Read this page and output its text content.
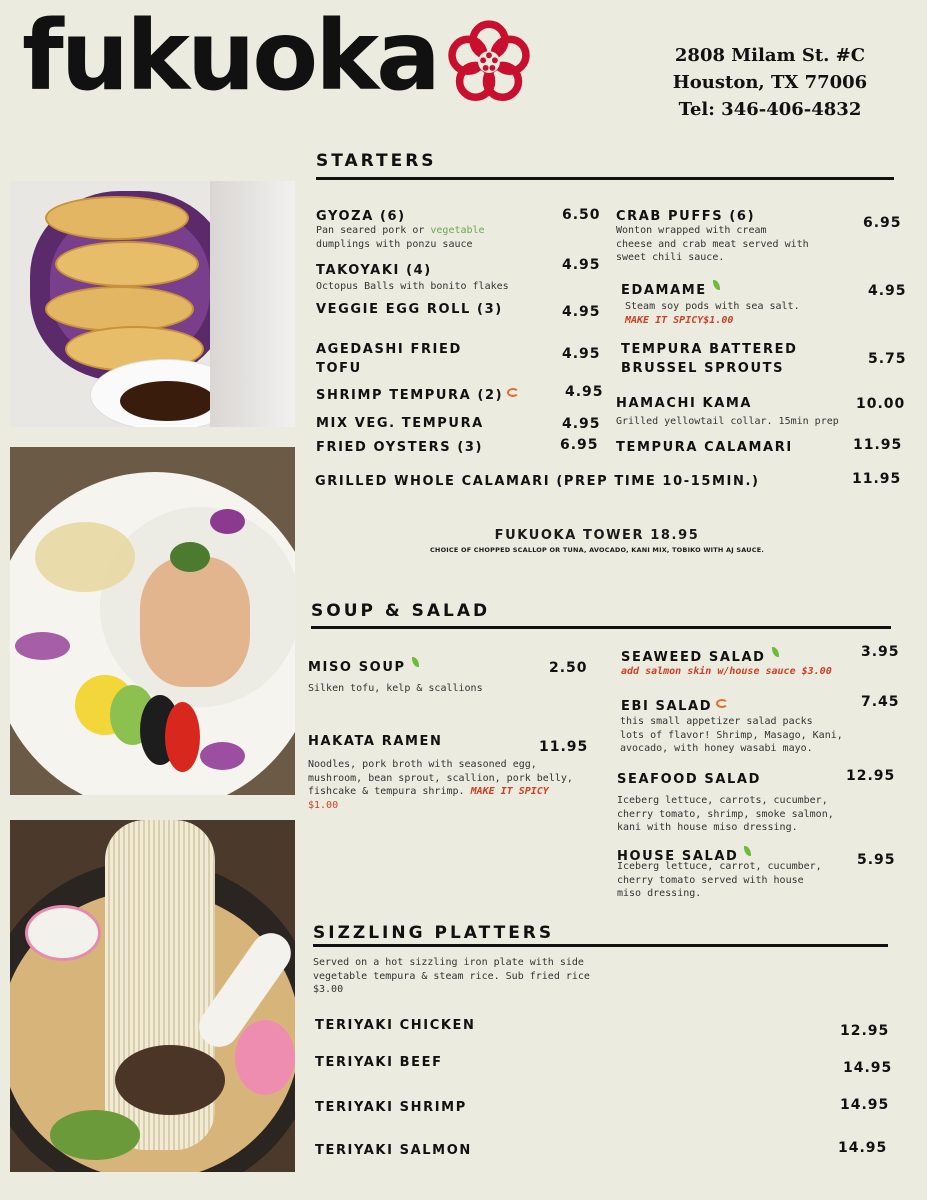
fukuoka	2808 Milam St. #C
Houston, TX 77006
Tel: 346-406-4832
STARTERS
GYOZA (6)	6.50
Pan seared pork or vegetable
dumplings with ponzu sauce
TAKOYAKI (4)	4.95
Octopus Balls with bonito flakes
VEGGIE EGG ROLL (3)	4.95
AGEDASHI FRIED
TOFU
4.95
SHRIMP TEMPURA (2)	4.95
MIX VEG. TEMPURA	4.95
FRIED OYSTERS (3)	6.95
CRAB PUFFS (6)	6.95
Wonton wrapped with cream
cheese and crab meat served with
sweet chili sauce.
EDAMAME	4.95
Steam soy pods with sea salt.
MAKE IT SPICY$1.00
TEMPURA BATTERED
BRUSSEL SPROUTS
5.75
HAMACHI KAMA	10.00
Grilled yellowtail collar. 15min prep
TEMPURA CALAMARI	11.95
GRILLED WHOLE CALAMARI (PREP TIME 10-15MIN.)	11.95
FUKUOKA TOWER 18.95
CHOICE OF CHOPPED SCALLOP OR TUNA, AVOCADO, KANI MIX, TOBIKO WITH AJ SAUCE.
SOUP & SALAD
MISO SOUP	2.50
Silken tofu, kelp & scallions
HAKATA RAMEN	11.95
Noodles, pork broth with seasoned egg,
mushroom, bean sprout, scallion, pork belly,
fishcake & tempura shrimp. MAKE IT SPICY
$1.00
SEAWEED SALAD	3.95
add salmon skin w/house sauce $3.00
EBI SALAD	7.45
this small appetizer salad packs
lots of flavor! Shrimp, Masago, Kani,
avocado, with honey wasabi mayo.
SEAFOOD SALAD	12.95
Iceberg lettuce, carrots, cucumber,
cherry tomato, shrimp, smoke salmon,
kani with house miso dressing.
HOUSE SALAD	5.95
Iceberg lettuce, carrot, cucumber,
cherry tomato served with house
miso dressing.
SIZZLING PLATTERS
Served on a hot sizzling iron plate with side
vegetable tempura & steam rice. Sub fried rice
$3.00
TERIYAKI CHICKEN	12.95
TERIYAKI BEEF	14.95
TERIYAKI SHRIMP	14.95
TERIYAKI SALMON	14.95
